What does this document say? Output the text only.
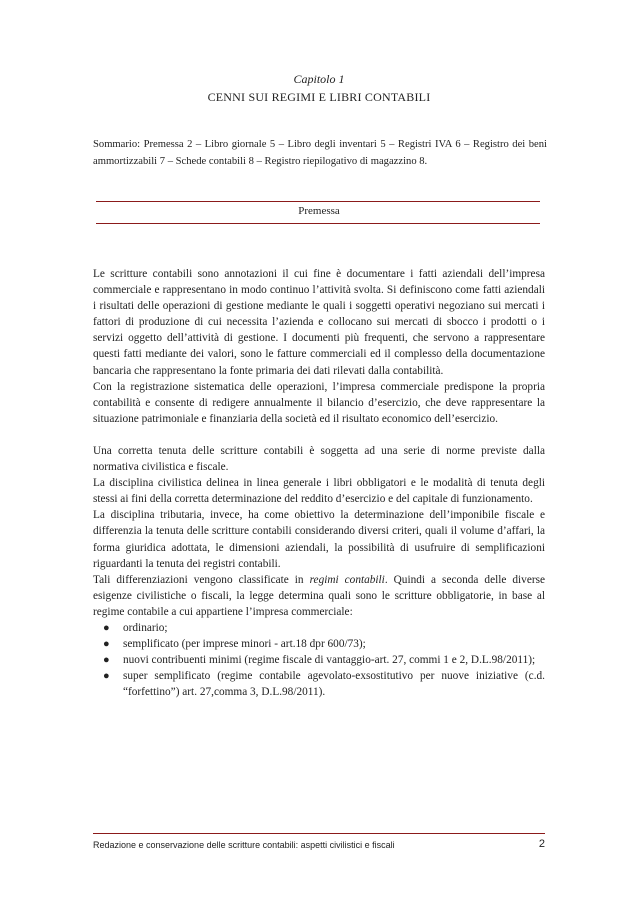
Capitolo 1
CENNI SUI REGIMI E LIBRI CONTABILI
Sommario: Premessa 2 – Libro giornale 5 – Libro degli inventari 5 – Registri IVA 6 – Registro dei beni ammortizzabili 7 – Schede contabili 8 – Registro riepilogativo di magazzino 8.
Premessa

Le scritture contabili sono annotazioni il cui fine è documentare i fatti aziendali dell’impresa commerciale e rappresentano in modo continuo l’attività svolta. Si definiscono come fatti aziendali i risultati delle operazioni di gestione mediante le quali i soggetti operativi negoziano sui mercati i fattori di produzione di cui necessita l’azienda e collocano sui mercati di sbocco i prodotti o i servizi oggetto dell’attività di gestione. I documenti più frequenti, che servono a rappresentare questi fatti mediante dei valori, sono le fatture commerciali ed il complesso della documentazione bancaria che rappresentano la fonte primaria dei dati rilevati dalla contabilità.

Con la registrazione sistematica delle operazioni, l’impresa commerciale predispone la propria contabilità e consente di redigere annualmente il bilancio d’esercizio, che deve rappresentare la situazione patrimoniale e finanziaria della società ed il risultato economico dell’esercizio.

Una corretta tenuta delle scritture contabili è soggetta ad una serie di norme previste dalla normativa civilistica e fiscale.

La disciplina civilistica delinea in linea generale i libri obbligatori e le modalità di tenuta degli stessi ai fini della corretta determinazione del reddito d’esercizio e del capitale di funzionamento.

La disciplina tributaria, invece, ha come obiettivo la determinazione dell’imponibile fiscale e differenzia la tenuta delle scritture contabili considerando diversi criteri, quali il volume d’affari, la forma giuridica adottata, le dimensioni aziendali, la possibilità di usufruire di semplificazioni riguardanti la tenuta dei registri contabili.

Tali differenziazioni vengono classificate in regimi contabili. Quindi a seconda delle diverse esigenze civilistiche o fiscali, la legge determina quali sono le scritture obbligatorie, in base al regime contabile a cui appartiene l’impresa commerciale:

● ordinario;
● semplificato (per imprese minori - art.18 dpr 600/73);
● nuovi contribuenti minimi (regime fiscale di vantaggio-art. 27, commi 1 e 2, D.L.98/2011);
● super semplificato (regime contabile agevolato-exsostitutivo per nuove iniziative (c.d. “forfettino”) art. 27,comma 3, D.L.98/2011).
Redazione e conservazione delle scritture contabili: aspetti civilistici e fiscali	2
